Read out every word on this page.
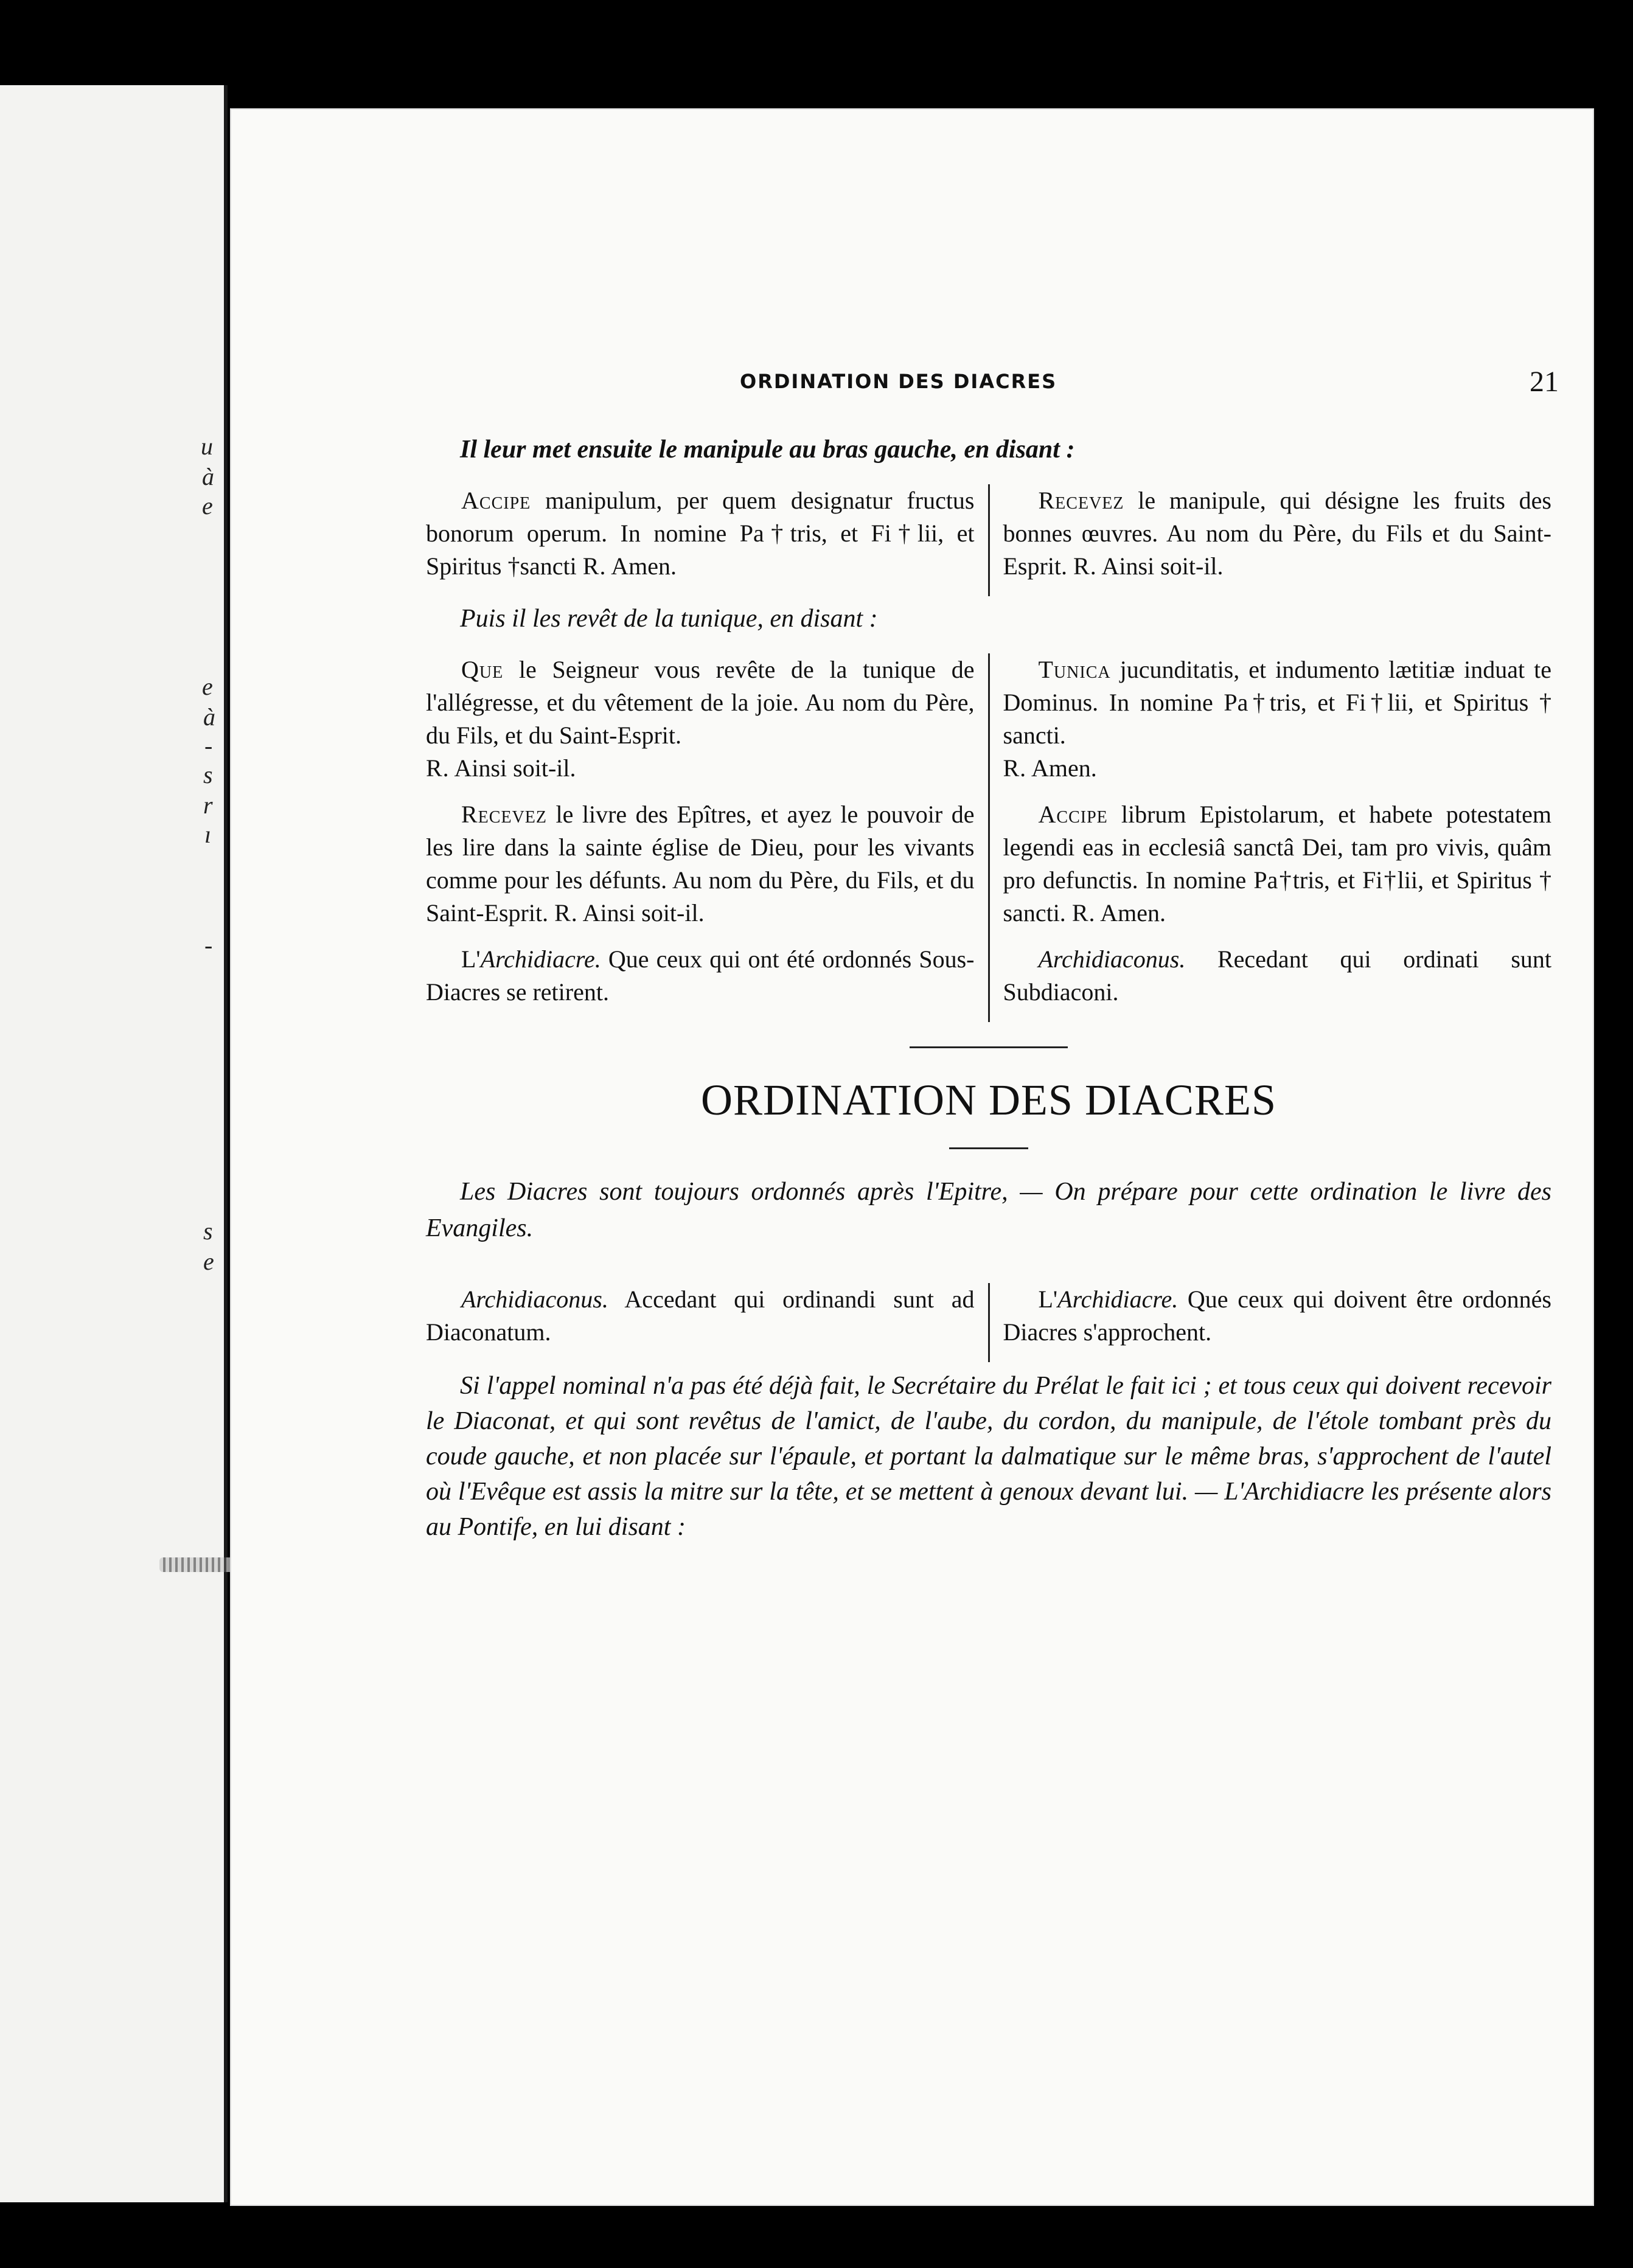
u
à
e
e
à
-
s
r
ı
-
s
e
ORDINATION DES DIACRES	21

Il leur met ensuite le manipule au bras gauche, en disant :

Accipe manipulum, per quem designatur fructus bonorum operum. In nomine Pa†tris, et Fi†lii, et Spiritus †sancti R. Amen.

Recevez le manipule, qui désigne les fruits des bonnes œuvres. Au nom du Père, du Fils et du Saint-Esprit. R. Ainsi soit-il.

Puis il les revêt de la tunique, en disant :

Que le Seigneur vous revête de la tunique de l'allégresse, et du vêtement de la joie. Au nom du Père, du Fils, et du Saint-Esprit.
R. Ainsi soit-il.

Recevez le livre des Epîtres, et ayez le pouvoir de les lire dans la sainte église de Dieu, pour les vivants comme pour les défunts. Au nom du Père, du Fils, et du Saint-Esprit. R. Ainsi soit-il.

L'Archidiacre. Que ceux qui ont été ordonnés Sous-Diacres se retirent.

Tunica jucunditatis, et indumento lætitiæ induat te Dominus. In nomine Pa†tris, et Fi†lii, et Spiritus † sancti.
R. Amen.

Accipe librum Epistolarum, et habete potestatem legendi eas in ecclesiâ sanctâ Dei, tam pro vivis, quâm pro defunctis. In nomine Pa†tris, et Fi†lii, et Spiritus † sancti. R. Amen.

Archidiaconus. Recedant qui ordinati sunt Subdiaconi.

ORDINATION DES DIACRES

Les Diacres sont toujours ordonnés après l'Epitre, — On prépare pour cette ordination le livre des Evangiles.

Archidiaconus. Accedant qui ordinandi sunt ad Diaconatum.

L'Archidiacre. Que ceux qui doivent être ordonnés Diacres s'approchent.

Si l'appel nominal n'a pas été déjà fait, le Secrétaire du Prélat le fait ici ; et tous ceux qui doivent recevoir le Diaconat, et qui sont revêtus de l'amict, de l'aube, du cordon, du manipule, de l'étole tombant près du coude gauche, et non placée sur l'épaule, et portant la dalmatique sur le même bras, s'approchent de l'autel où l'Evêque est assis la mitre sur la tête, et se mettent à genoux devant lui. — L'Archidiacre les présente alors au Pontife, en lui disant :
